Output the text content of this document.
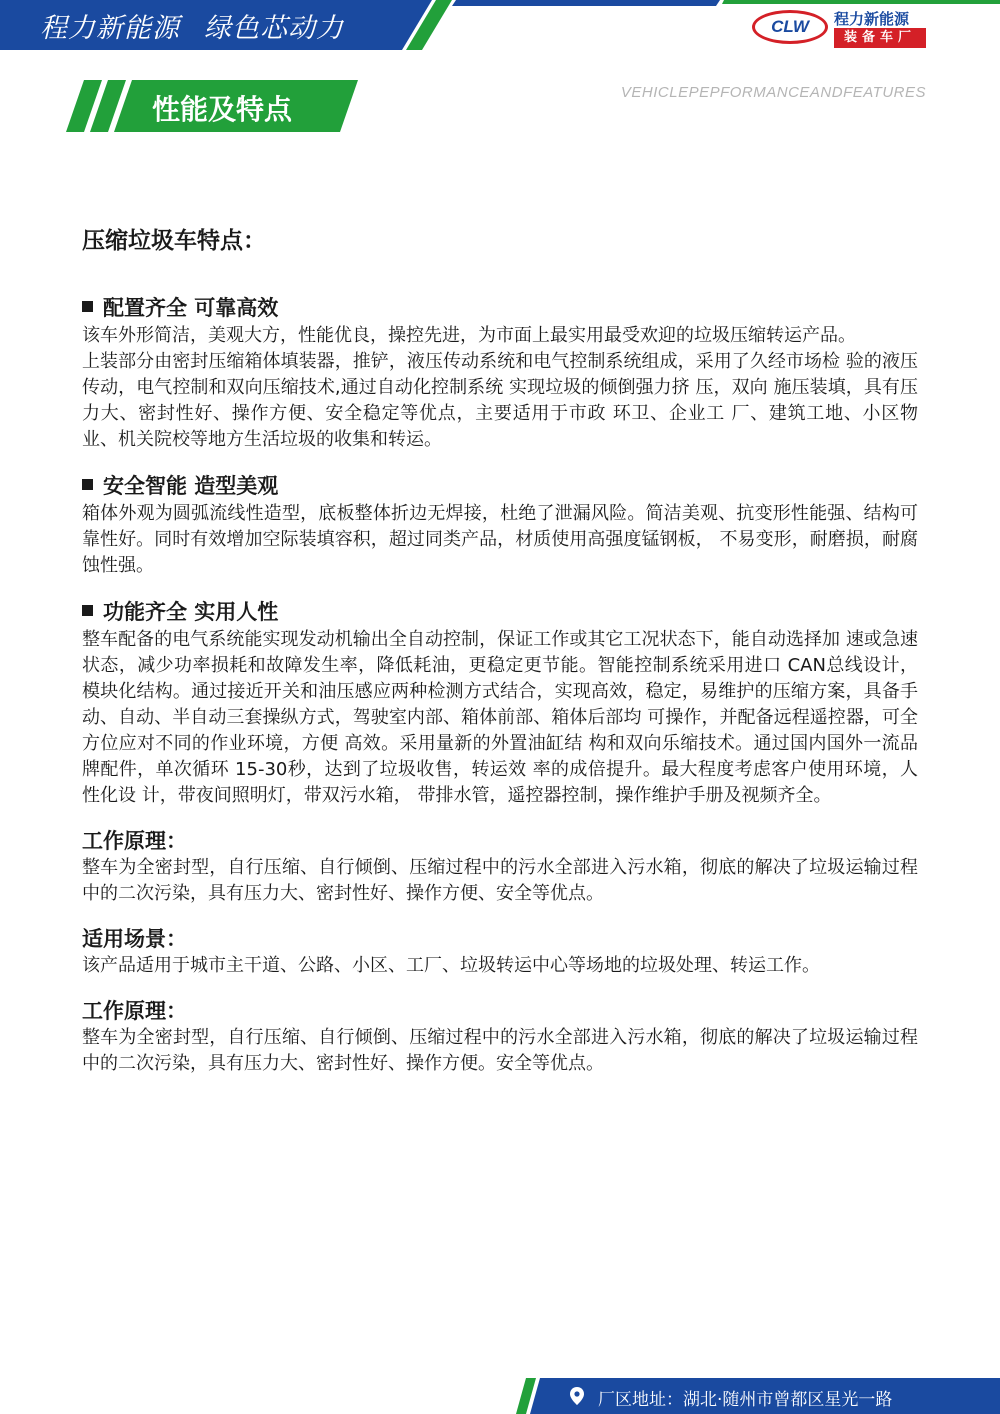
程力新能源 绿色芯动力	CLW 程力新能源
装备车厂
性能及特点
VEHICLEPEPFORMANCEANDFEATURES
压缩垃圾车特点：
配置齐全 可靠高效

该车外形简洁，美观大方，性能优良，操控先进，为市面上最实用最受欢迎的垃圾压缩转运产品。

上装部分由密封压缩箱体填装器，推铲，液压传动系统和电气控制系统组成，采用了久经市场检 验的液压传动，电气控制和双向压缩技术,通过自动化控制系统 实现垃圾的倾倒强力挤 压，双向 施压装填，具有压力大、密封性好、操作方便、安全稳定等优点，主要适用于市政 环卫、企业工 厂、建筑工地、小区物业、机关院校等地方生活垃圾的收集和转运。

安全智能 造型美观

箱体外观为圆弧流线性造型，底板整体折边无焊接，杜绝了泄漏风险。简洁美观、抗变形性能强、结构可靠性好。同时有效增加空际装填容积，超过同类产品，材质使用高强度锰钢板， 不易变形，耐磨损，耐腐蚀性强。

功能齐全 实用人性

整车配备的电气系统能实现发动机输出全自动控制，保证工作或其它工况状态下，能自动选择加 速或急速状态，减少功率损耗和故障发生率，降低耗油，更稳定更节能。智能控制系统采用进口 CAN总线设计，模块化结构。通过接近开关和油压感应两种检测方式结合，实现高效，稳定，易维护的压缩方案，具备手动、自动、半自动三套操纵方式，驾驶室内部、箱体前部、箱体后部均 可操作，并配备远程遥控器，可全方位应对不同的作业环境，方便 高效。采用量新的外置油缸结 构和双向乐缩技术。通过国内国外一流品牌配件，单次循环 15-30秒，达到了垃圾收售，转运效 率的成倍提升。最大程度考虑客户使用环境，人性化设 计，带夜间照明灯，带双污水箱， 带排水管，遥控器控制，操作维护手册及视频齐全。

工作原理：

整车为全密封型，自行压缩、自行倾倒、压缩过程中的污水全部进入污水箱，彻底的解决了垃圾运输过程中的二次污染，具有压力大、密封性好、操作方便、安全等优点。

适用场景：

该产品适用于城市主干道、公路、小区、工厂、垃圾转运中心等场地的垃圾处理、转运工作。

工作原理：

整车为全密封型，自行压缩、自行倾倒、压缩过程中的污水全部进入污水箱，彻底的解决了垃圾运输过程中的二次污染，具有压力大、密封性好、操作方便。安全等优点。

厂区地址：湖北·随州市曾都区星光一路
